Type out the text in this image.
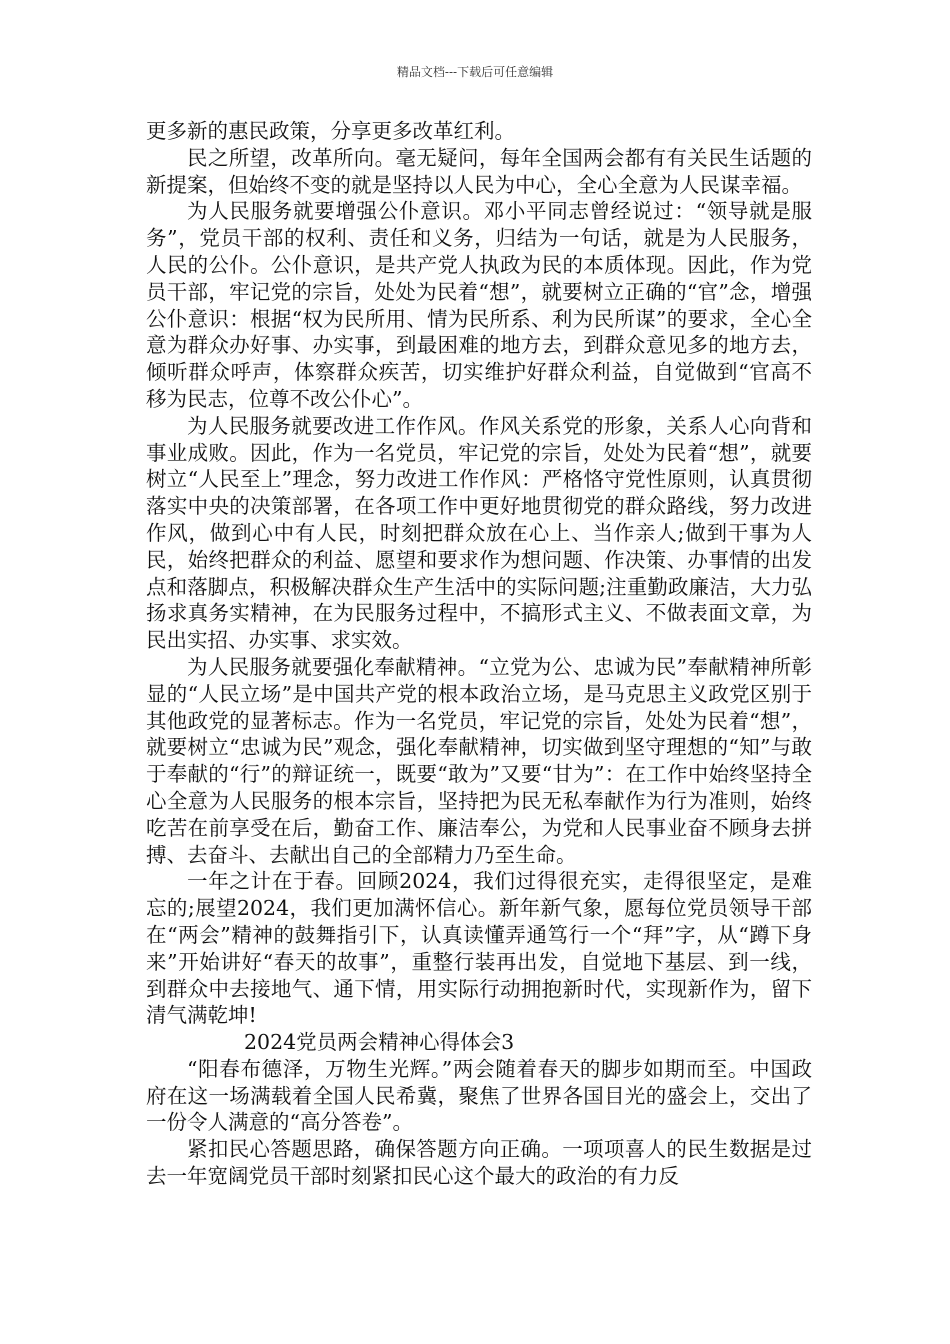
精品文档---下载后可任意编辑

更多新的惠民政策，分享更多改革红利。

民之所望，改革所向。毫无疑问，每年全国两会都有有关民生话题的新提案，但始终不变的就是坚持以人民为中心，全心全意为人民谋幸福。

为人民服务就要增强公仆意识。邓小平同志曾经说过：“领导就是服务”，党员干部的权利、责任和义务，归结为一句话，就是为人民服务，人民的公仆。公仆意识，是共产党人执政为民的本质体现。因此，作为党员干部，牢记党的宗旨，处处为民着“想”，就要树立正确的“官”念，增强公仆意识：根据“权为民所用、情为民所系、利为民所谋”的要求，全心全意为群众办好事、办实事，到最困难的地方去，到群众意见多的地方去，倾听群众呼声，体察群众疾苦，切实维护好群众利益，自觉做到“官高不移为民志，位尊不改公仆心”。

为人民服务就要改进工作作风。作风关系党的形象，关系人心向背和事业成败。因此，作为一名党员，牢记党的宗旨，处处为民着“想”，就要树立“人民至上”理念，努力改进工作作风：严格恪守党性原则，认真贯彻落实中央的决策部署，在各项工作中更好地贯彻党的群众路线，努力改进作风，做到心中有人民，时刻把群众放在心上、当作亲人;做到干事为人民，始终把群众的利益、愿望和要求作为想问题、作决策、办事情的出发点和落脚点，积极解决群众生产生活中的实际问题;注重勤政廉洁，大力弘扬求真务实精神，在为民服务过程中，不搞形式主义、不做表面文章，为民出实招、办实事、求实效。

为人民服务就要强化奉献精神。“立党为公、忠诚为民”奉献精神所彰显的“人民立场”是中国共产党的根本政治立场，是马克思主义政党区别于其他政党的显著标志。作为一名党员，牢记党的宗旨，处处为民着“想”，就要树立“忠诚为民”观念，强化奉献精神，切实做到坚守理想的“知”与敢于奉献的“行”的辩证统一，既要“敢为”又要“甘为”：在工作中始终坚持全心全意为人民服务的根本宗旨，坚持把为民无私奉献作为行为准则，始终吃苦在前享受在后，勤奋工作、廉洁奉公，为党和人民事业奋不顾身去拼搏、去奋斗、去献出自己的全部精力乃至生命。

一年之计在于春。回顾2024，我们过得很充实，走得很坚定，是难忘的;展望2024，我们更加满怀信心。新年新气象，愿每位党员领导干部在“两会”精神的鼓舞指引下，认真读懂弄通笃行一个“拜”字，从“蹲下身来”开始讲好“春天的故事”，重整行装再出发，自觉地下基层、到一线，到群众中去接地气、通下情，用实际行动拥抱新时代，实现新作为，留下清气满乾坤!

2024党员两会精神心得体会3

“阳春布德泽，万物生光辉。”两会随着春天的脚步如期而至。中国政府在这一场满载着全国人民希冀，聚焦了世界各国目光的盛会上，交出了一份令人满意的“高分答卷”。

紧扣民心答题思路，确保答题方向正确。一项项喜人的民生数据是过去一年宽阔党员干部时刻紧扣民心这个最大的政治的有力反
